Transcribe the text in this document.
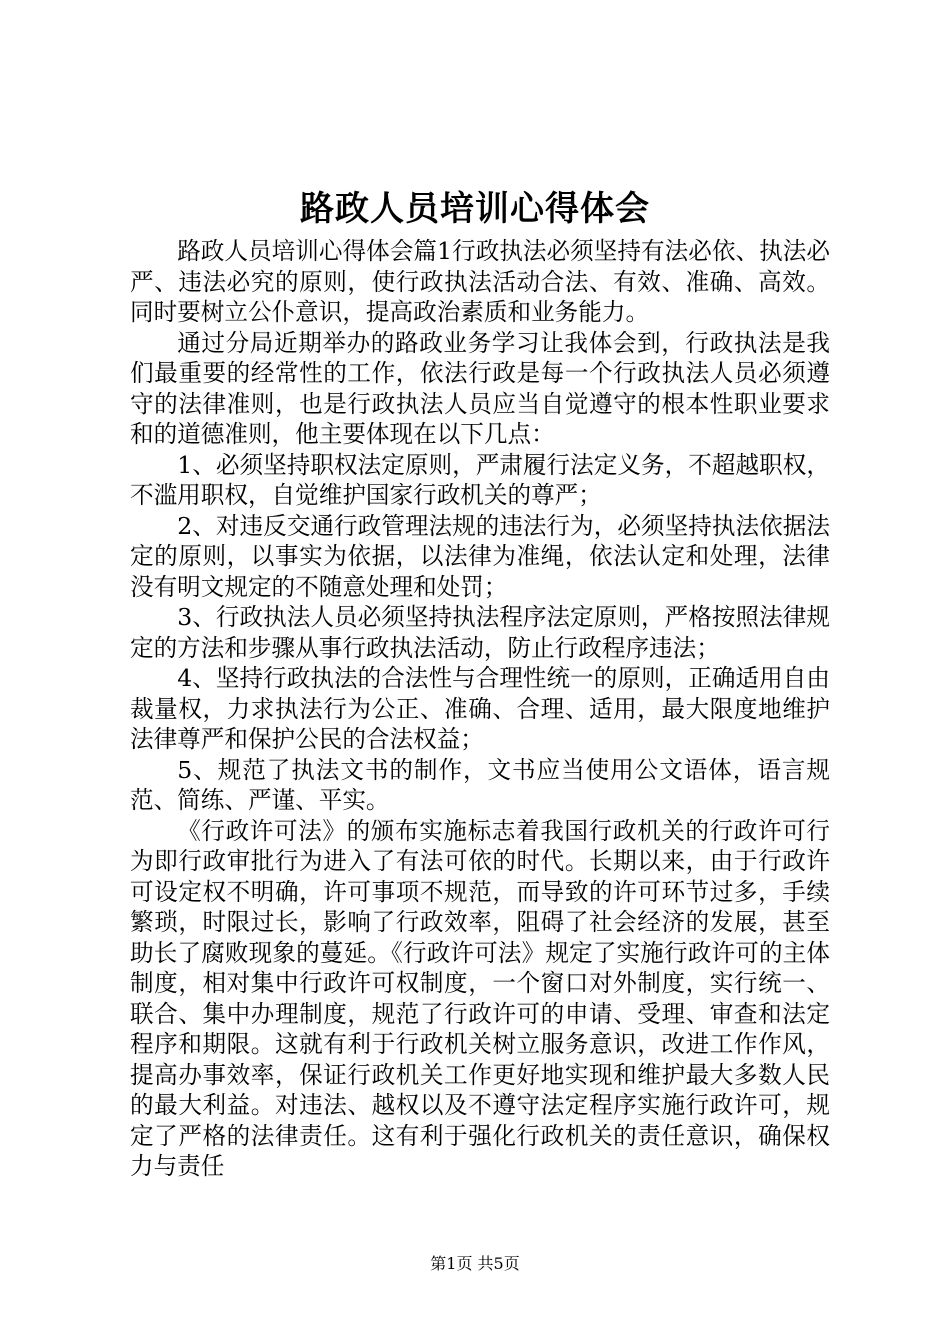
路政人员培训心得体会

路政人员培训心得体会篇1行政执法必须坚持有法必依、执法必严、违法必究的原则，使行政执法活动合法、有效、准确、高效。同时要树立公仆意识，提高政治素质和业务能力。

通过分局近期举办的路政业务学习让我体会到，行政执法是我们最重要的经常性的工作，依法行政是每一个行政执法人员必须遵守的法律准则，也是行政执法人员应当自觉遵守的根本性职业要求和的道德准则，他主要体现在以下几点：

1、必须坚持职权法定原则，严肃履行法定义务，不超越职权，不滥用职权，自觉维护国家行政机关的尊严；

2、对违反交通行政管理法规的违法行为，必须坚持执法依据法定的原则，以事实为依据，以法律为准绳，依法认定和处理，法律没有明文规定的不随意处理和处罚；

3、行政执法人员必须坚持执法程序法定原则，严格按照法律规定的方法和步骤从事行政执法活动，防止行政程序违法；

4、坚持行政执法的合法性与合理性统一的原则，正确适用自由裁量权，力求执法行为公正、准确、合理、适用，最大限度地维护法律尊严和保护公民的合法权益；

5、规范了执法文书的制作，文书应当使用公文语体，语言规范、简练、严谨、平实。

《行政许可法》的颁布实施标志着我国行政机关的行政许可行为即行政审批行为进入了有法可依的时代。长期以来，由于行政许可设定权不明确，许可事项不规范，而导致的许可环节过多，手续繁琐，时限过长，影响了行政效率，阻碍了社会经济的发展，甚至助长了腐败现象的蔓延。《行政许可法》规定了实施行政许可的主体制度，相对集中行政许可权制度，一个窗口对外制度，实行统一、联合、集中办理制度，规范了行政许可的申请、受理、审查和法定程序和期限。这就有利于行政机关树立服务意识，改进工作作风，提高办事效率，保证行政机关工作更好地实现和维护最大多数人民的最大利益。对违法、越权以及不遵守法定程序实施行政许可，规定了严格的法律责任。这有利于强化行政机关的责任意识，确保权力与责任

第1页 共5页
